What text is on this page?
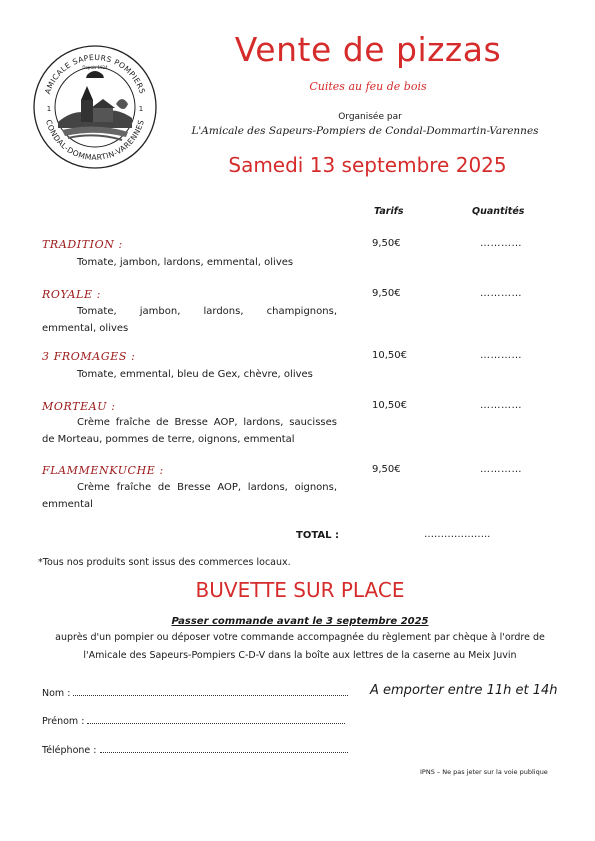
AMICALE SAPEURS POMPIERS
CONDAL-DOMMARTIN-VARENNES
Depuis 1924
1	1
Vente de pizzas
Cuites au feu de bois
Organisée par
L'Amicale des Sapeurs-Pompiers de Condal-Dommartin-Varennes
Samedi 13 septembre 2025
Tarifs	Quantités
TRADITION :
Tomate, jambon, lardons, emmental, olives
9,50€	…………
ROYALE :
Tomate, jambon, lardons, champignons,
emmental, olives
9,50€	…………
3 FROMAGES :
Tomate, emmental, bleu de Gex, chèvre, olives
10,50€	…………
MORTEAU :
Crème fraîche de Bresse AOP, lardons, saucisses
de Morteau, pommes de terre, oignons, emmental
10,50€	…………
FLAMMENKUCHE :
Crème fraîche de Bresse AOP, lardons, oignons,
emmental
9,50€	…………
TOTAL :	………………..
*Tous nos produits sont issus des commerces locaux.
BUVETTE SUR PLACE
Passer commande avant le 3 septembre 2025
auprès d'un pompier ou déposer votre commande accompagnée du règlement par chèque à l'ordre de
l'Amicale des Sapeurs-Pompiers C-D-V dans la boîte aux lettres de la caserne au Meix Juvin
Nom :
Prénom :
Téléphone :
A emporter entre 11h et 14h
IPNS – Ne pas jeter sur la voie publique
